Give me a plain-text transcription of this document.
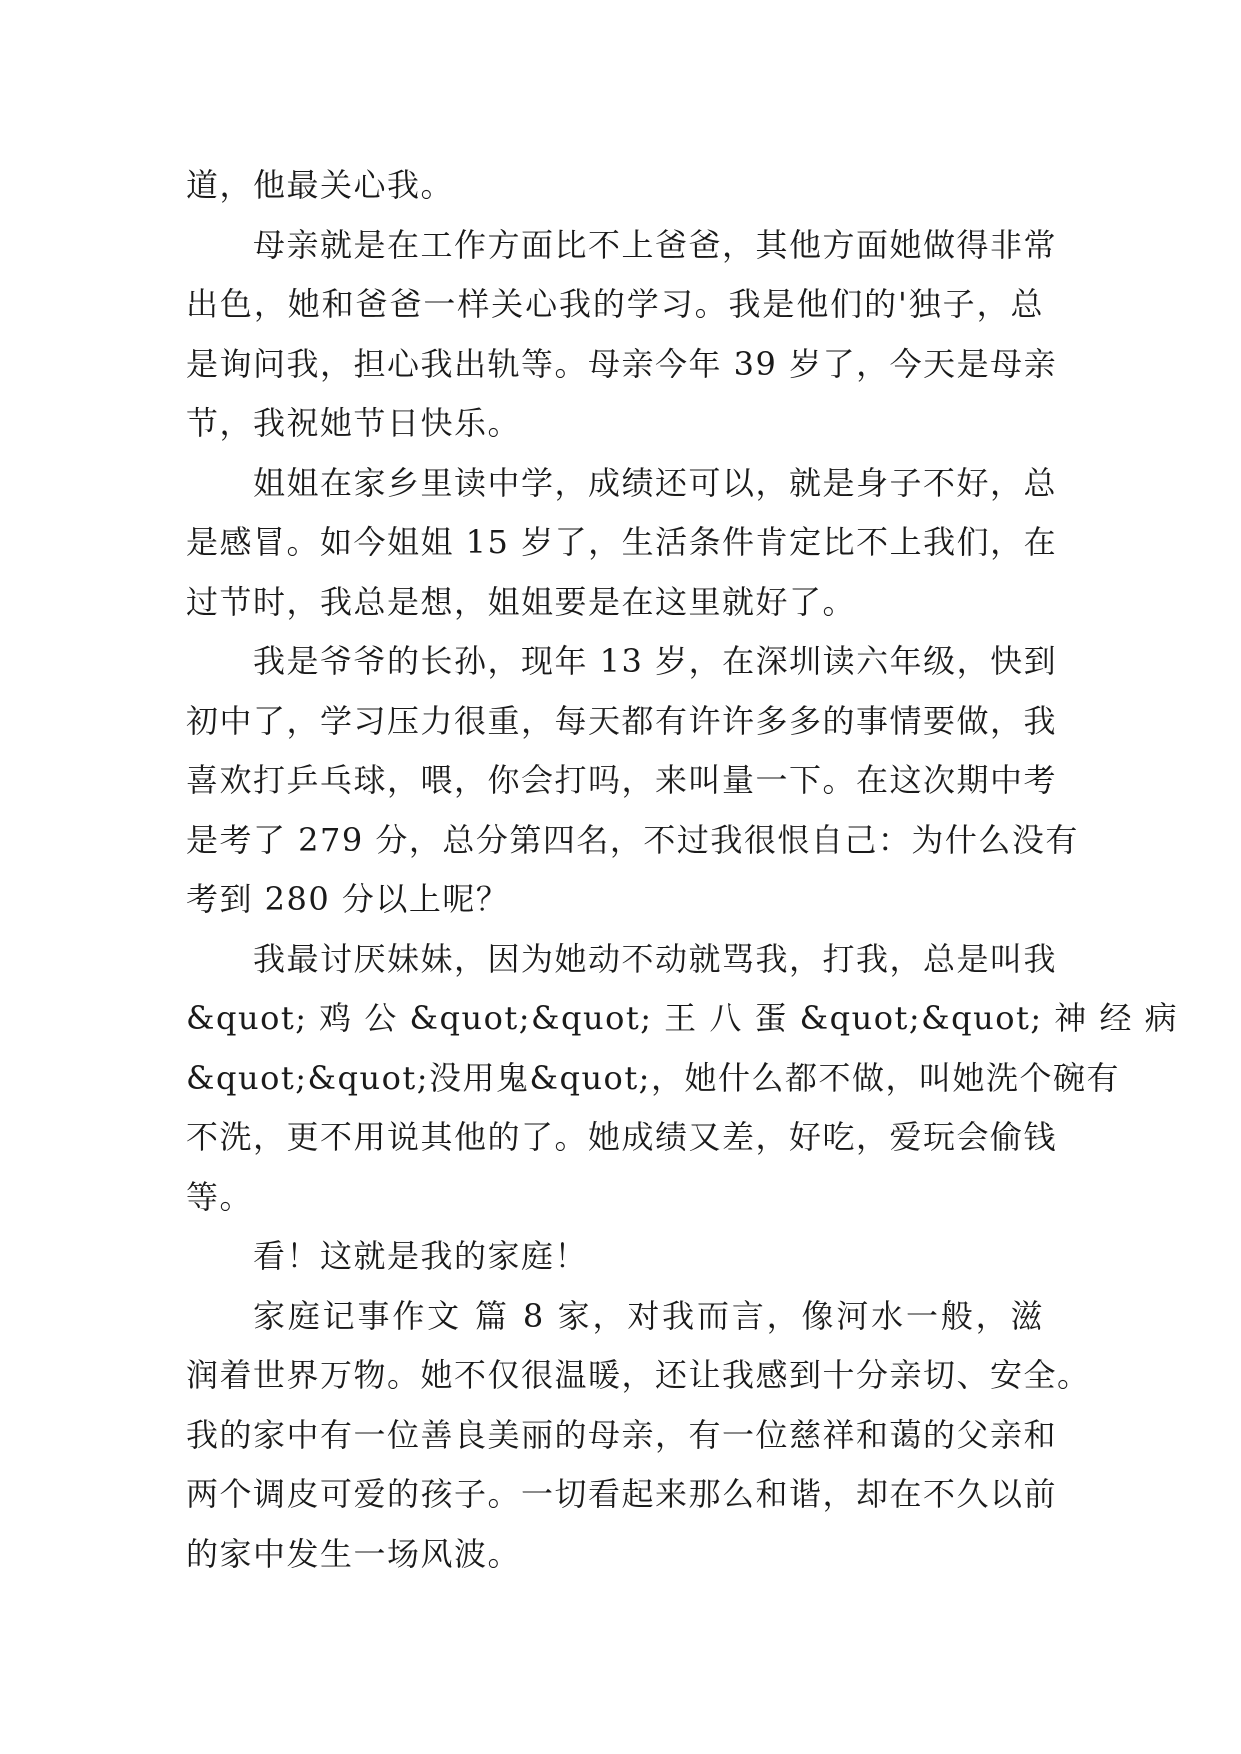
道，他最关心我。
母亲就是在工作方面比不上爸爸，其他方面她做得非常
出色，她和爸爸一样关心我的学习。我是他们的'独子，总
是询问我，担心我出轨等。母亲今年 39 岁了，今天是母亲
节，我祝她节日快乐。
姐姐在家乡里读中学，成绩还可以，就是身子不好，总
是感冒。如今姐姐 15 岁了，生活条件肯定比不上我们，在
过节时，我总是想，姐姐要是在这里就好了。
我是爷爷的长孙，现年 13 岁，在深圳读六年级，快到
初中了，学习压力很重，每天都有许许多多的事情要做，我
喜欢打乒乓球，喂，你会打吗，来叫量一下。在这次期中考
是考了 279 分，总分第四名，不过我很恨自己：为什么没有
考到 280 分以上呢？
我最讨厌妹妹，因为她动不动就骂我，打我，总是叫我
&quot; 鸡 公 &quot;&quot; 王 八 蛋 &quot;&quot; 神 经 病
&quot;&quot;没用鬼&quot;，她什么都不做，叫她洗个碗有
不洗，更不用说其他的了。她成绩又差，好吃，爱玩会偷钱
等。
看！这就是我的家庭！
家庭记事作文 篇 8 家，对我而言，像河水一般，滋
润着世界万物。她不仅很温暖，还让我感到十分亲切、安全。
我的家中有一位善良美丽的母亲，有一位慈祥和蔼的父亲和
两个调皮可爱的孩子。一切看起来那么和谐，却在不久以前
的家中发生一场风波。
